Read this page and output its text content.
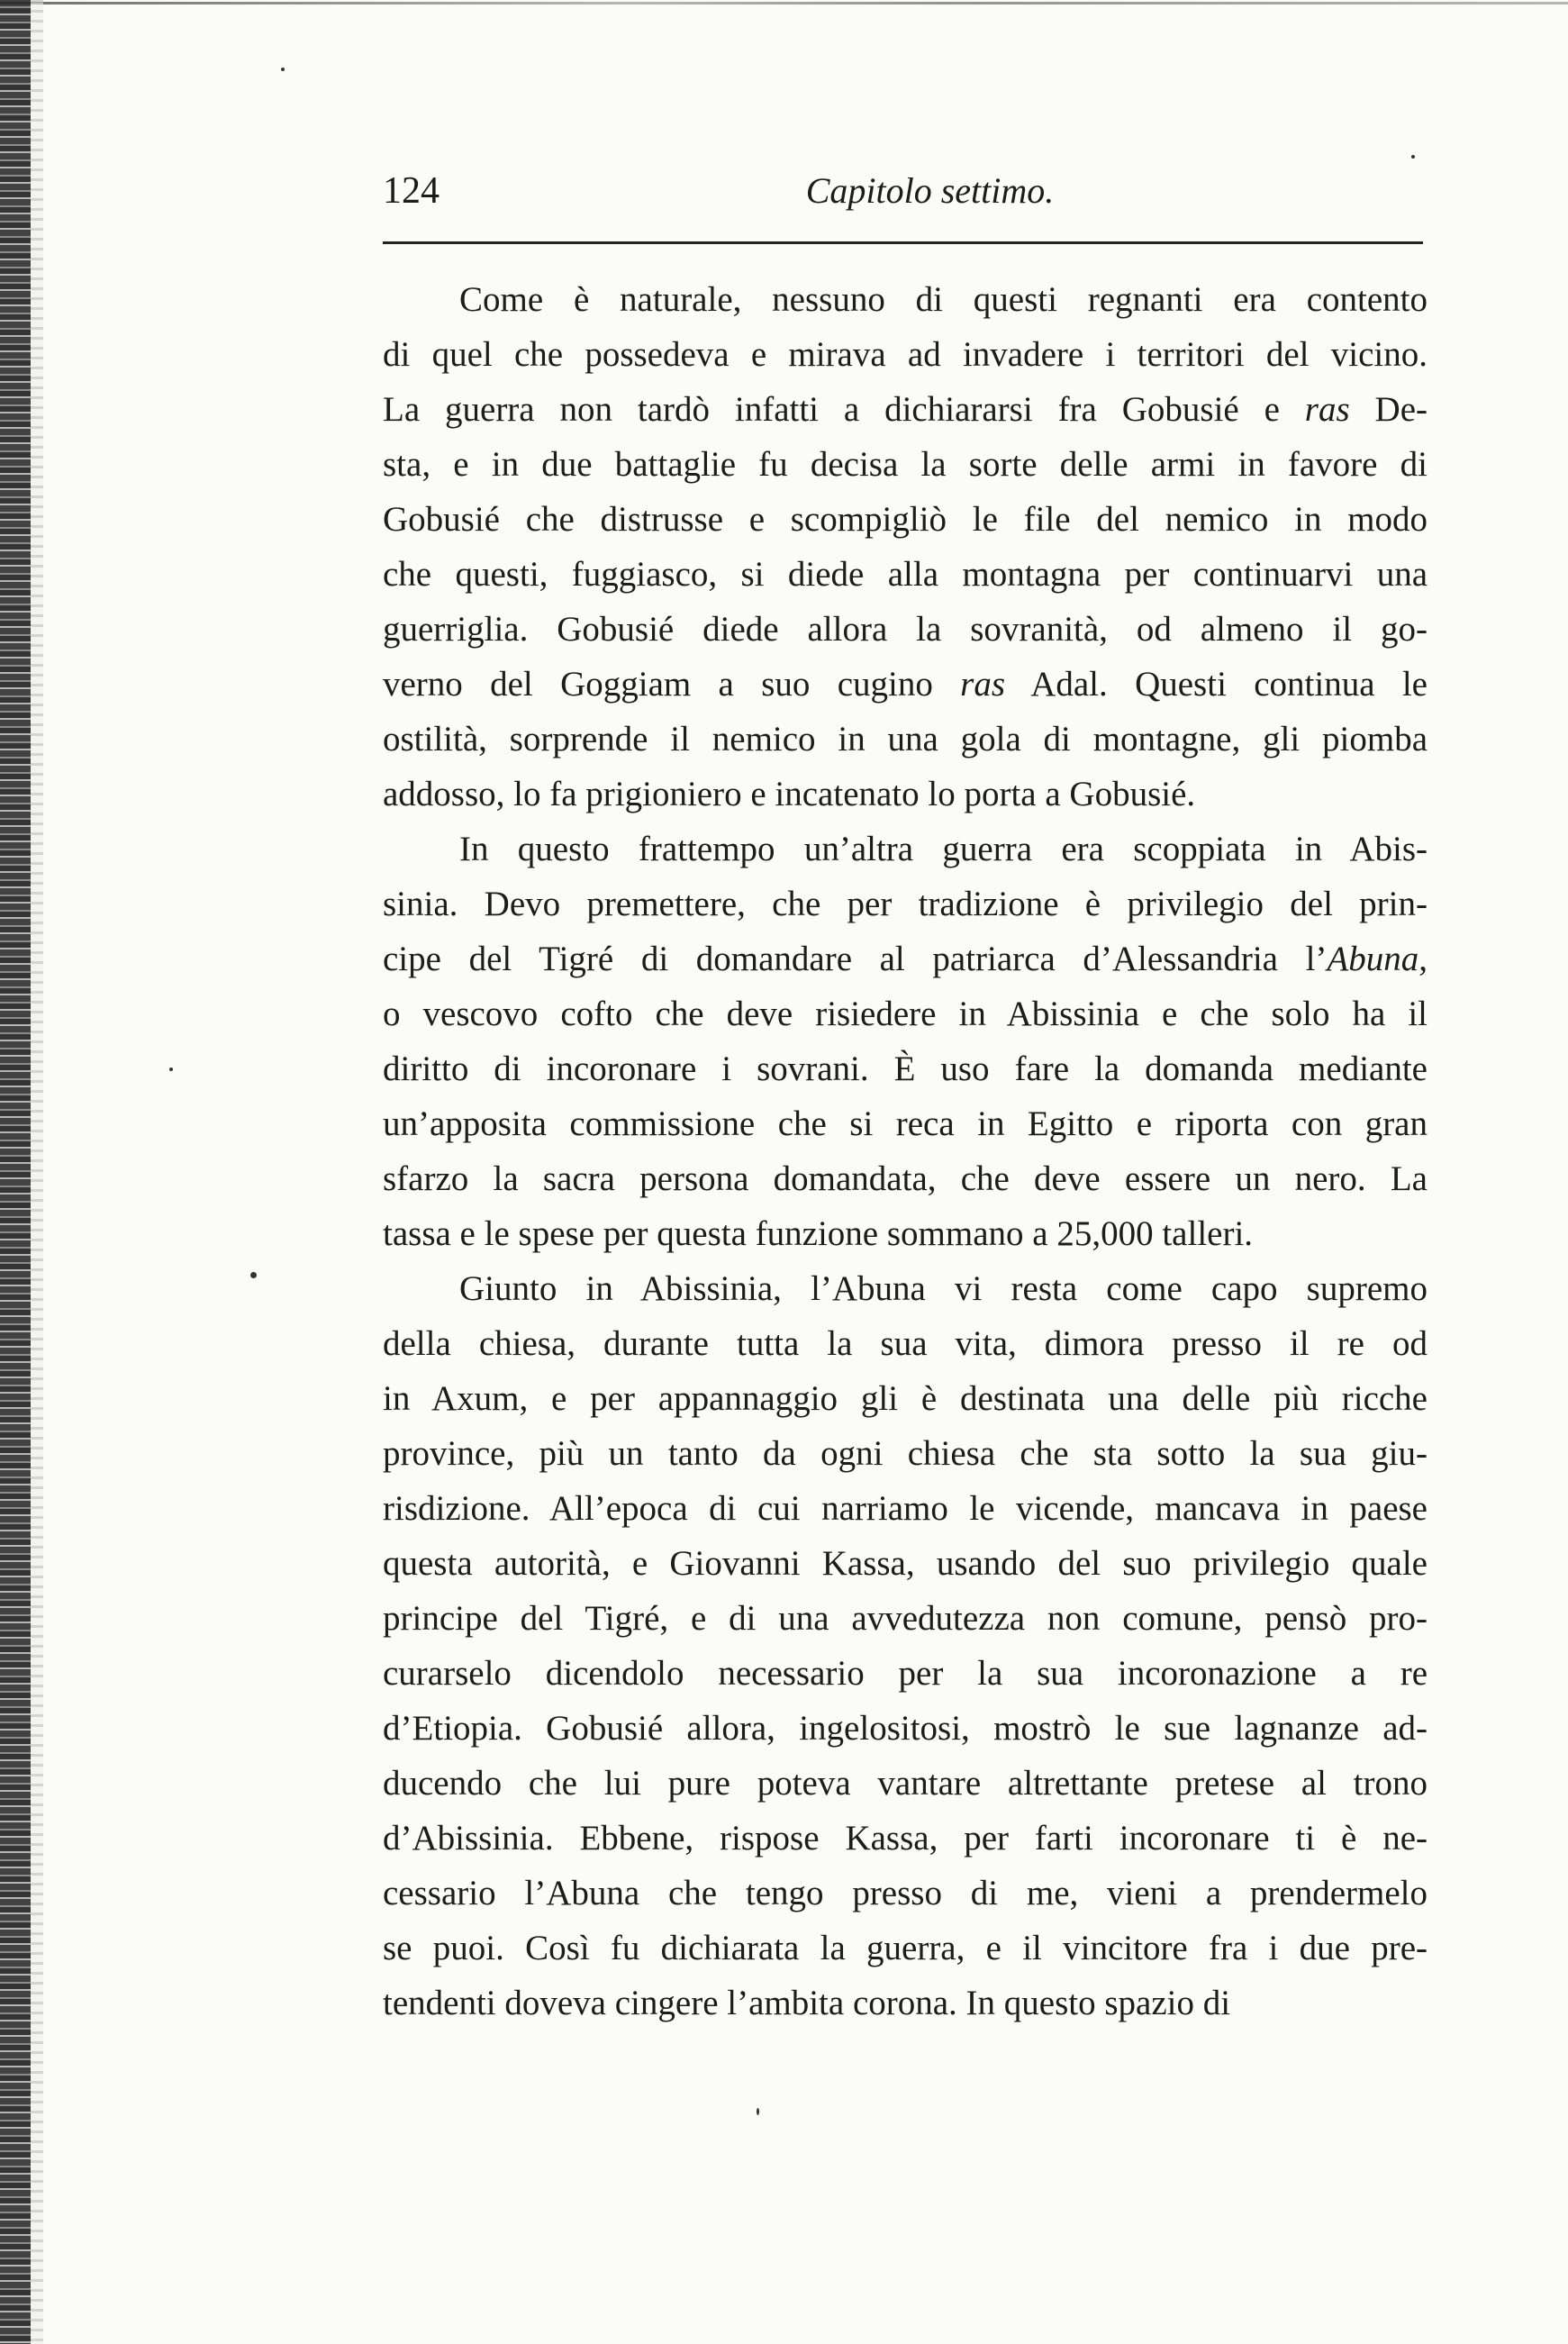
124	Capitolo settimo.
Come è naturale, nessuno di questi regnanti era contento
di quel che possedeva e mirava ad invadere i territori del vicino.
La guerra non tardò infatti a dichiararsi fra Gobusié e ras De-
sta, e in due battaglie fu decisa la sorte delle armi in favore di
Gobusié che distrusse e scompigliò le file del nemico in modo
che questi, fuggiasco, si diede alla montagna per continuarvi una
guerriglia. Gobusié diede allora la sovranità, od almeno il go-
verno del Goggiam a suo cugino ras Adal. Questi continua le
ostilità, sorprende il nemico in una gola di montagne, gli piomba
addosso, lo fa prigioniero e incatenato lo porta a Gobusié.
In questo frattempo un’altra guerra era scoppiata in Abis-
sinia. Devo premettere, che per tradizione è privilegio del prin-
cipe del Tigré di domandare al patriarca d’Alessandria l’Abuna,
o vescovo cofto che deve risiedere in Abissinia e che solo ha il
diritto di incoronare i sovrani. È uso fare la domanda mediante
un’apposita commissione che si reca in Egitto e riporta con gran
sfarzo la sacra persona domandata, che deve essere un nero. La
tassa e le spese per questa funzione sommano a 25,000 talleri.
Giunto in Abissinia, l’Abuna vi resta come capo supremo
della chiesa, durante tutta la sua vita, dimora presso il re od
in Axum, e per appannaggio gli è destinata una delle più ricche
province, più un tanto da ogni chiesa che sta sotto la sua giu-
risdizione. All’epoca di cui narriamo le vicende, mancava in paese
questa autorità, e Giovanni Kassa, usando del suo privilegio quale
principe del Tigré, e di una avvedutezza non comune, pensò pro-
curarselo dicendolo necessario per la sua incoronazione a re
d’Etiopia. Gobusié allora, ingelositosi, mostrò le sue lagnanze ad-
ducendo che lui pure poteva vantare altrettante pretese al trono
d’Abissinia. Ebbene, rispose Kassa, per farti incoronare ti è ne-
cessario l’Abuna che tengo presso di me, vieni a prendermelo
se puoi. Così fu dichiarata la guerra, e il vincitore fra i due pre-
tendenti doveva cingere l’ambita corona. In questo spazio di
